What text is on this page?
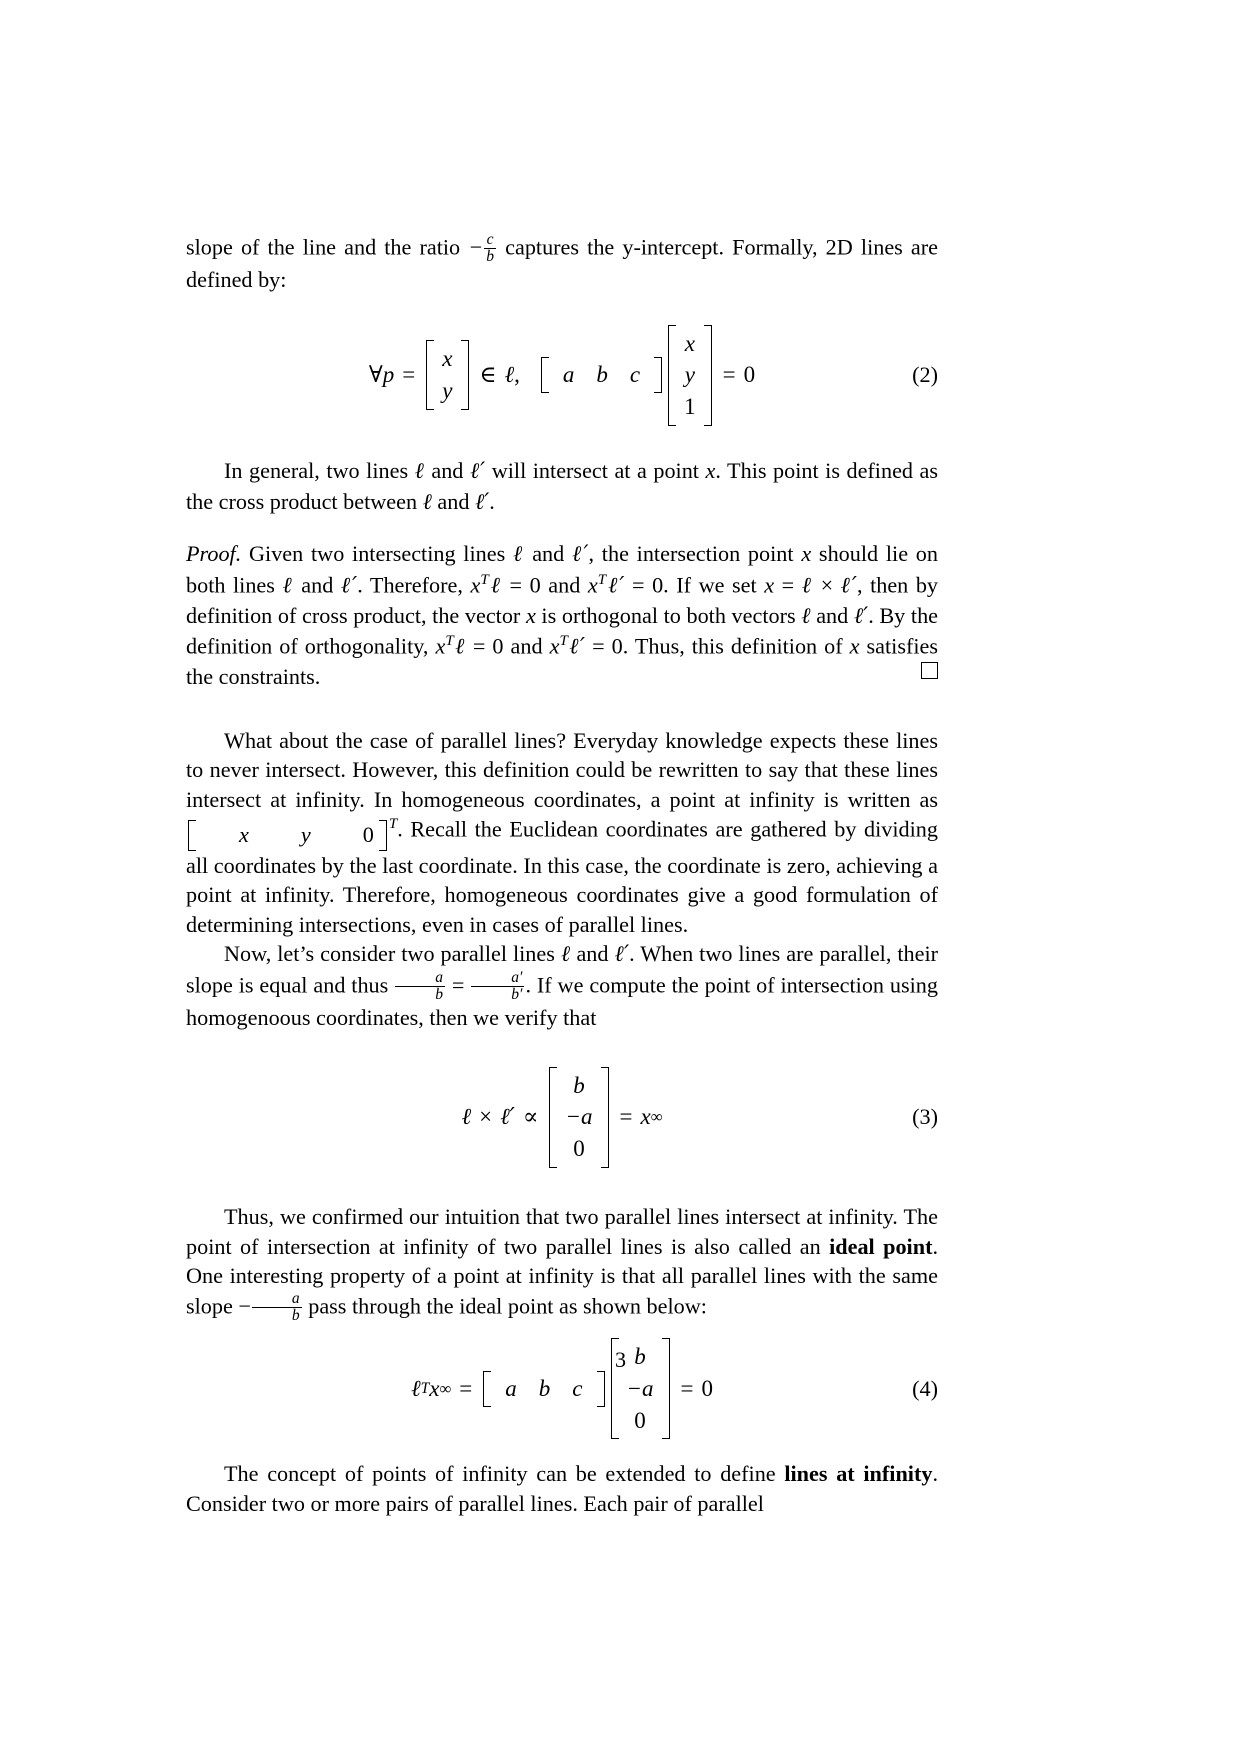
slope of the line and the ratio − $\frac{c}{b}$ captures the y-intercept. Formally, 2D lines are defined by:

∀p =
x
y
∈ ℓ ,	a b c
x
y
1
= 0	(2)

In general, two lines ℓ and ℓ′ will intersect at a point x. This point is defined as the cross product between ℓ and ℓ′.

Proof. Given two intersecting lines ℓ and ℓ′, the intersection point x should lie on both lines ℓ and ℓ′. Therefore, $x^T\ell = 0$ and $x^T\ell' = 0$. If we set x = ℓ × ℓ′, then by definition of cross product, the vector x is orthogonal to both vectors ℓ and ℓ′. By the definition of orthogonality, $x^T\ell = 0$ and $x^T\ell' = 0$. Thus, this definition of x satisfies the constraints.

What about the case of parallel lines? Everyday knowledge expects these lines to never intersect. However, this definition could be rewritten to say that these lines intersect at infinity. In homogeneous coordinates, a point at infinity is written as
x	y	0 $^T$. Recall the Euclidean coordinates are gathered by dividing all coordinates by the last coordinate. In this case, the coordinate is zero, achieving a point at infinity. Therefore, homogeneous coordinates give a good formulation of determining intersections, even in cases of parallel lines.

Now, let’s consider two parallel lines ℓ and ℓ′. When two lines are parallel, their slope is equal and thus $\frac{a}{b} = \frac{a'}{b'}$ . If we compute the point of intersection using homogenoous coordinates, then we verify that

ℓ × ℓ′ ∝
b
−a
0
= x ∞	(3)

Thus, we confirmed our intuition that two parallel lines intersect at infinity. The point of intersection at infinity of two parallel lines is also called an ideal point. One interesting property of a point at infinity is that all parallel lines with the same slope − $\frac{a}{b}$ pass through the ideal point as shown below:

ℓ T x ∞ =	a b c
b
−a
0
= 0	(4)

The concept of points of infinity can be extended to define lines at infinity. Consider two or more pairs of parallel lines. Each pair of parallel

3
